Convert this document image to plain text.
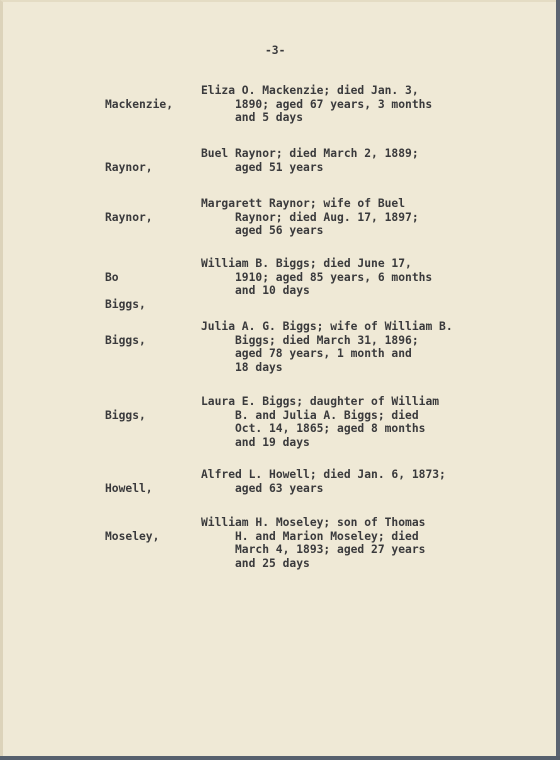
-3-

Mackenzie,

Eliza O. Mackenzie; died Jan. 3,
1890; aged 67 years, 3 months
and 5 days

Raynor,

Buel Raynor; died March 2, 1889;
aged 51 years

Raynor,

Margarett Raynor; wife of Buel
Raynor; died Aug. 17, 1897;
aged 56 years

Bo

Biggs,

William B. Biggs; died June 17,
1910; aged 85 years, 6 months
and 10 days

Biggs,

Julia A. G. Biggs; wife of William B.
Biggs; died March 31, 1896;
aged 78 years, 1 month and
18 days

Biggs,

Laura E. Biggs; daughter of William
B. and Julia A. Biggs; died
Oct. 14, 1865; aged 8 months
and 19 days

Howell,

Alfred L. Howell; died Jan. 6, 1873;
aged 63 years

Moseley,

William H. Moseley; son of Thomas
H. and Marion Moseley; died
March 4, 1893; aged 27 years
and 25 days
